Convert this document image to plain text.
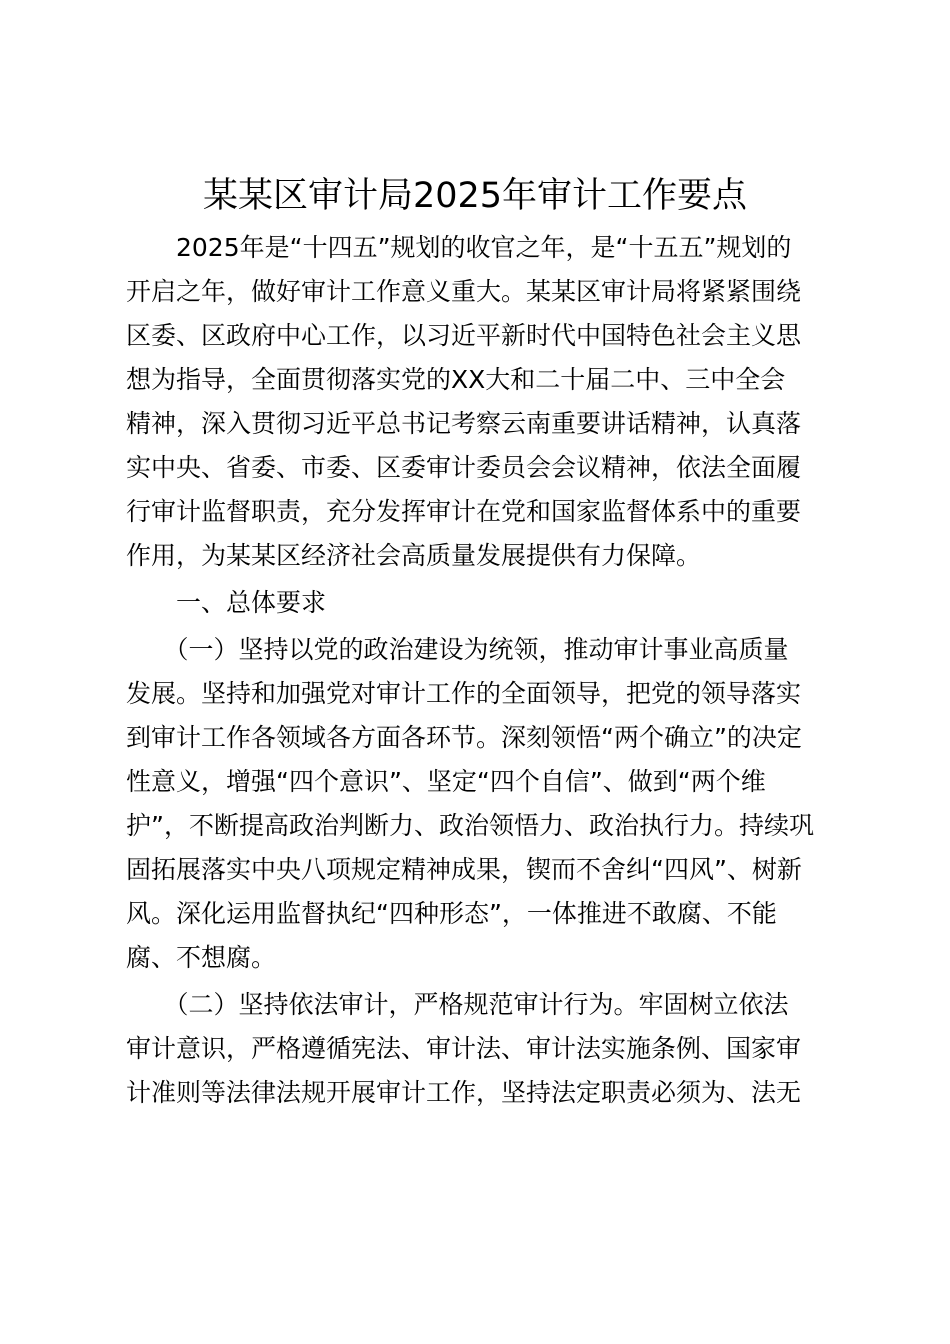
某某区审计局2025年审计工作要点
　　2025年是“十四五”规划的收官之年，是“十五五”规划的
开启之年，做好审计工作意义重大。某某区审计局将紧紧围绕
区委、区政府中心工作，以习近平新时代中国特色社会主义思
想为指导，全面贯彻落实党的XX大和二十届二中、三中全会
精神，深入贯彻习近平总书记考察云南重要讲话精神，认真落
实中央、省委、市委、区委审计委员会会议精神，依法全面履
行审计监督职责，充分发挥审计在党和国家监督体系中的重要
作用，为某某区经济社会高质量发展提供有力保障。
　　一、总体要求
　　（一）坚持以党的政治建设为统领，推动审计事业高质量
发展。坚持和加强党对审计工作的全面领导，把党的领导落实
到审计工作各领域各方面各环节。深刻领悟“两个确立”的决定
性意义，增强“四个意识”、坚定“四个自信”、做到“两个维
护”，不断提高政治判断力、政治领悟力、政治执行力。持续巩
固拓展落实中央八项规定精神成果，锲而不舍纠“四风”、树新
风。深化运用监督执纪“四种形态”，一体推进不敢腐、不能
腐、不想腐。
　　（二）坚持依法审计，严格规范审计行为。牢固树立依法
审计意识，严格遵循宪法、审计法、审计法实施条例、国家审
计准则等法律法规开展审计工作，坚持法定职责必须为、法无
